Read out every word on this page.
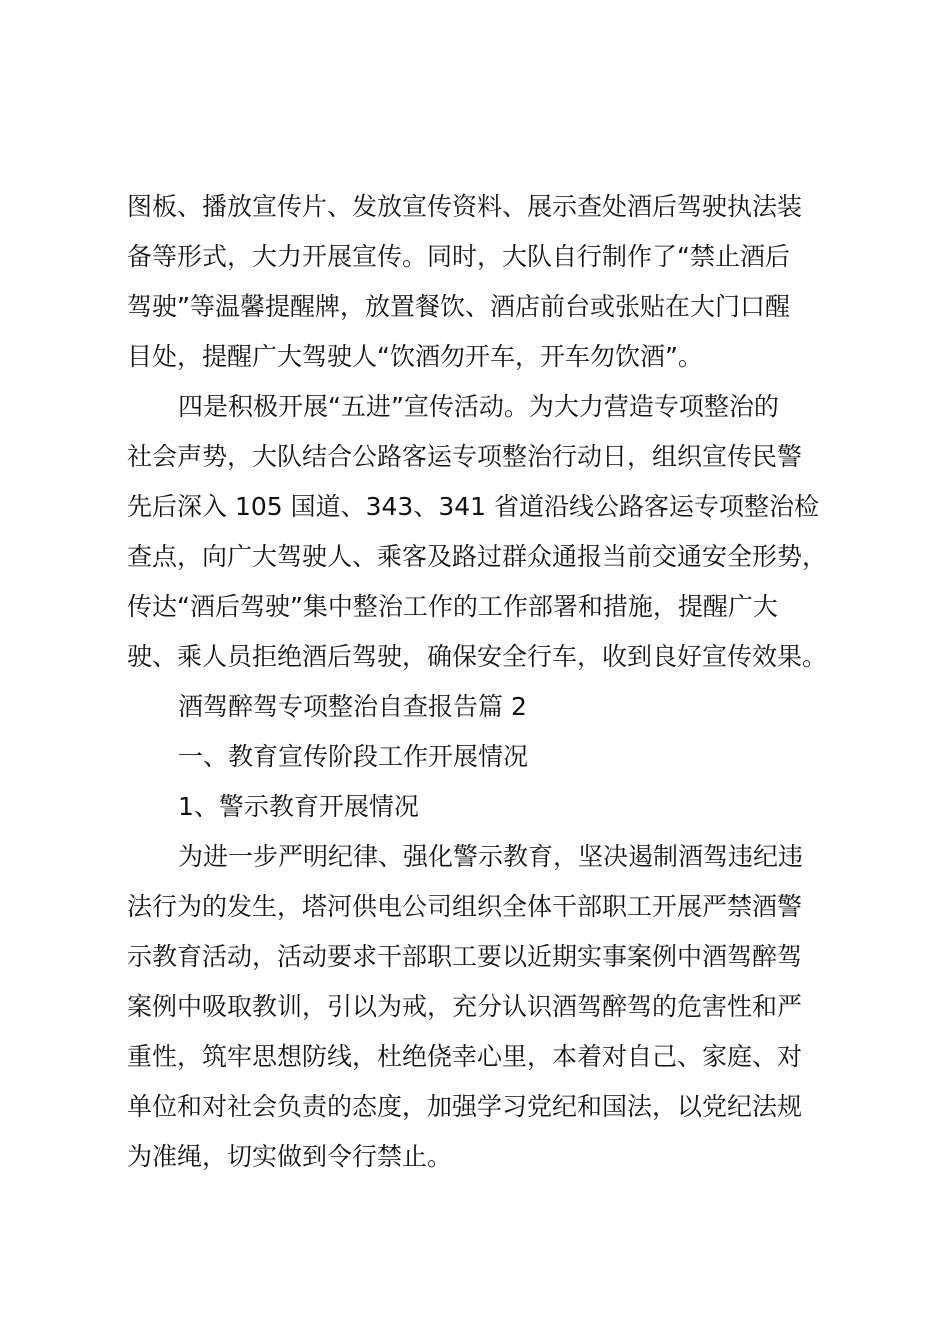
图板、播放宣传片、发放宣传资料、展示查处酒后驾驶执法装
备等形式，大力开展宣传。同时，大队自行制作了“禁止酒后
驾驶”等温馨提醒牌，放置餐饮、酒店前台或张贴在大门口醒
目处，提醒广大驾驶人“饮酒勿开车，开车勿饮酒”。
四是积极开展“五进”宣传活动。为大力营造专项整治的
社会声势，大队结合公路客运专项整治行动日，组织宣传民警
先后深入 105 国道、343、341 省道沿线公路客运专项整治检
查点，向广大驾驶人、乘客及路过群众通报当前交通安全形势，
传达“酒后驾驶”集中整治工作的工作部署和措施，提醒广大
驶、乘人员拒绝酒后驾驶，确保安全行车，收到良好宣传效果。
酒驾醉驾专项整治自查报告篇 2
一、教育宣传阶段工作开展情况
1、警示教育开展情况
为进一步严明纪律、强化警示教育，坚决遏制酒驾违纪违
法行为的发生，塔河供电公司组织全体干部职工开展严禁酒警
示教育活动，活动要求干部职工要以近期实事案例中酒驾醉驾
案例中吸取教训，引以为戒，充分认识酒驾醉驾的危害性和严
重性，筑牢思想防线，杜绝侥幸心里，本着对自己、家庭、对
单位和对社会负责的态度，加强学习党纪和国法，以党纪法规
为准绳，切实做到令行禁止。
